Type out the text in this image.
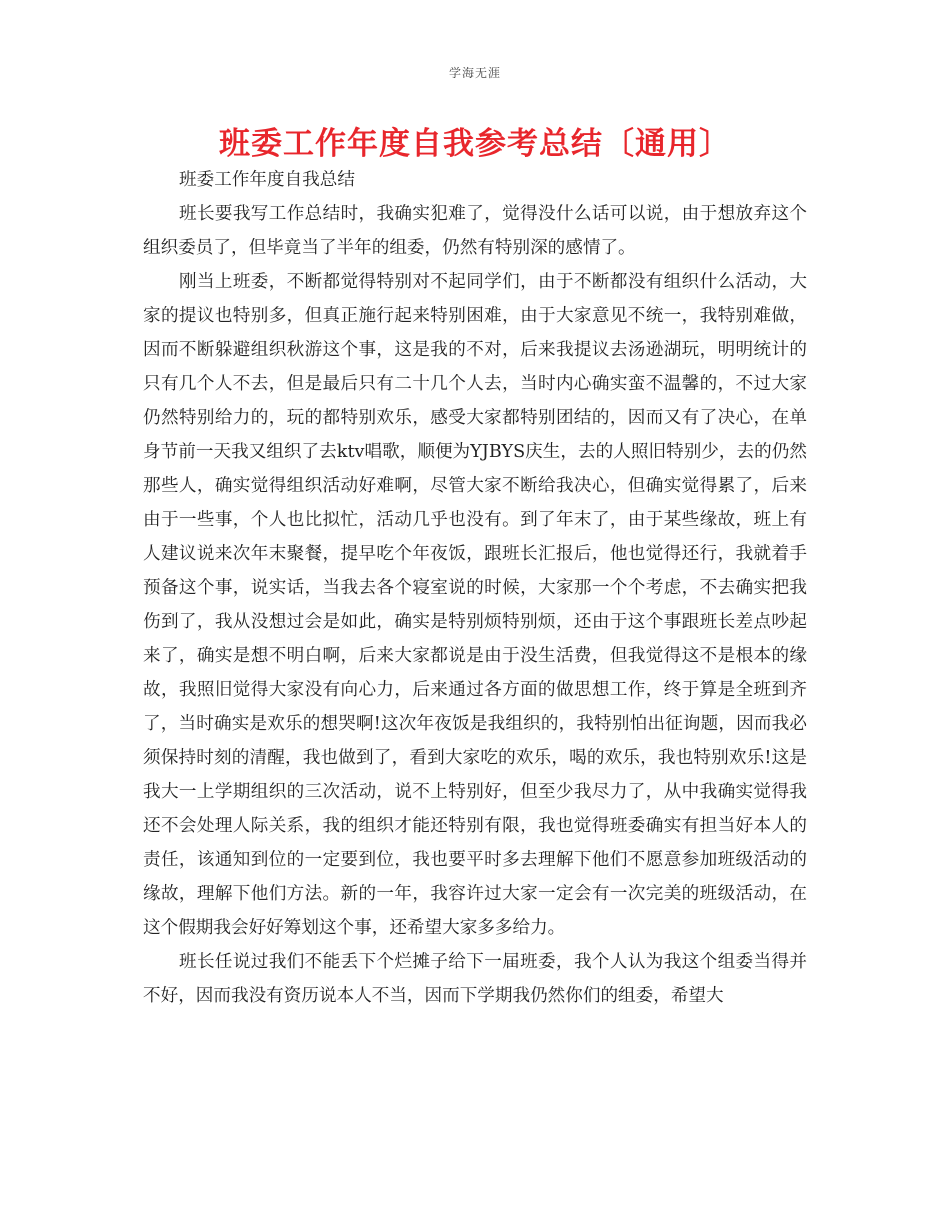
学海无涯
班委工作年度自我参考总结〔通用〕

班委工作年度自我总结

班长要我写工作总结时，我确实犯难了，觉得没什么话可以说，由于想放弃这个组织委员了，但毕竟当了半年的组委，仍然有特别深的感情了。

刚当上班委，不断都觉得特别对不起同学们，由于不断都没有组织什么活动，大家的提议也特别多，但真正施行起来特别困难，由于大家意见不统一，我特别难做，因而不断躲避组织秋游这个事，这是我的不对，后来我提议去汤逊湖玩，明明统计的只有几个人不去，但是最后只有二十几个人去，当时内心确实蛮不温馨的，不过大家仍然特别给力的，玩的都特别欢乐，感受大家都特别团结的，因而又有了决心，在单身节前一天我又组织了去ktv唱歌，顺便为YJBYS庆生，去的人照旧特别少，去的仍然那些人，确实觉得组织活动好难啊，尽管大家不断给我决心，但确实觉得累了，后来由于一些事，个人也比拟忙，活动几乎也没有。到了年末了，由于某些缘故，班上有人建议说来次年末聚餐，提早吃个年夜饭，跟班长汇报后，他也觉得还行，我就着手预备这个事，说实话，当我去各个寝室说的时候，大家那一个个考虑，不去确实把我伤到了，我从没想过会是如此，确实是特别烦特别烦，还由于这个事跟班长差点吵起来了，确实是想不明白啊，后来大家都说是由于没生活费，但我觉得这不是根本的缘故，我照旧觉得大家没有向心力，后来通过各方面的做思想工作，终于算是全班到齐了，当时确实是欢乐的想哭啊!这次年夜饭是我组织的，我特别怕出征询题，因而我必须保持时刻的清醒，我也做到了，看到大家吃的欢乐，喝的欢乐，我也特别欢乐!这是我大一上学期组织的三次活动，说不上特别好，但至少我尽力了，从中我确实觉得我还不会处理人际关系，我的组织才能还特别有限，我也觉得班委确实有担当好本人的责任，该通知到位的一定要到位，我也要平时多去理解下他们不愿意参加班级活动的缘故，理解下他们方法。新的一年，我容许过大家一定会有一次完美的班级活动，在这个假期我会好好筹划这个事，还希望大家多多给力。

班长任说过我们不能丢下个烂摊子给下一届班委，我个人认为我这个组委当得并不好，因而我没有资历说本人不当，因而下学期我仍然你们的组委，希望大
